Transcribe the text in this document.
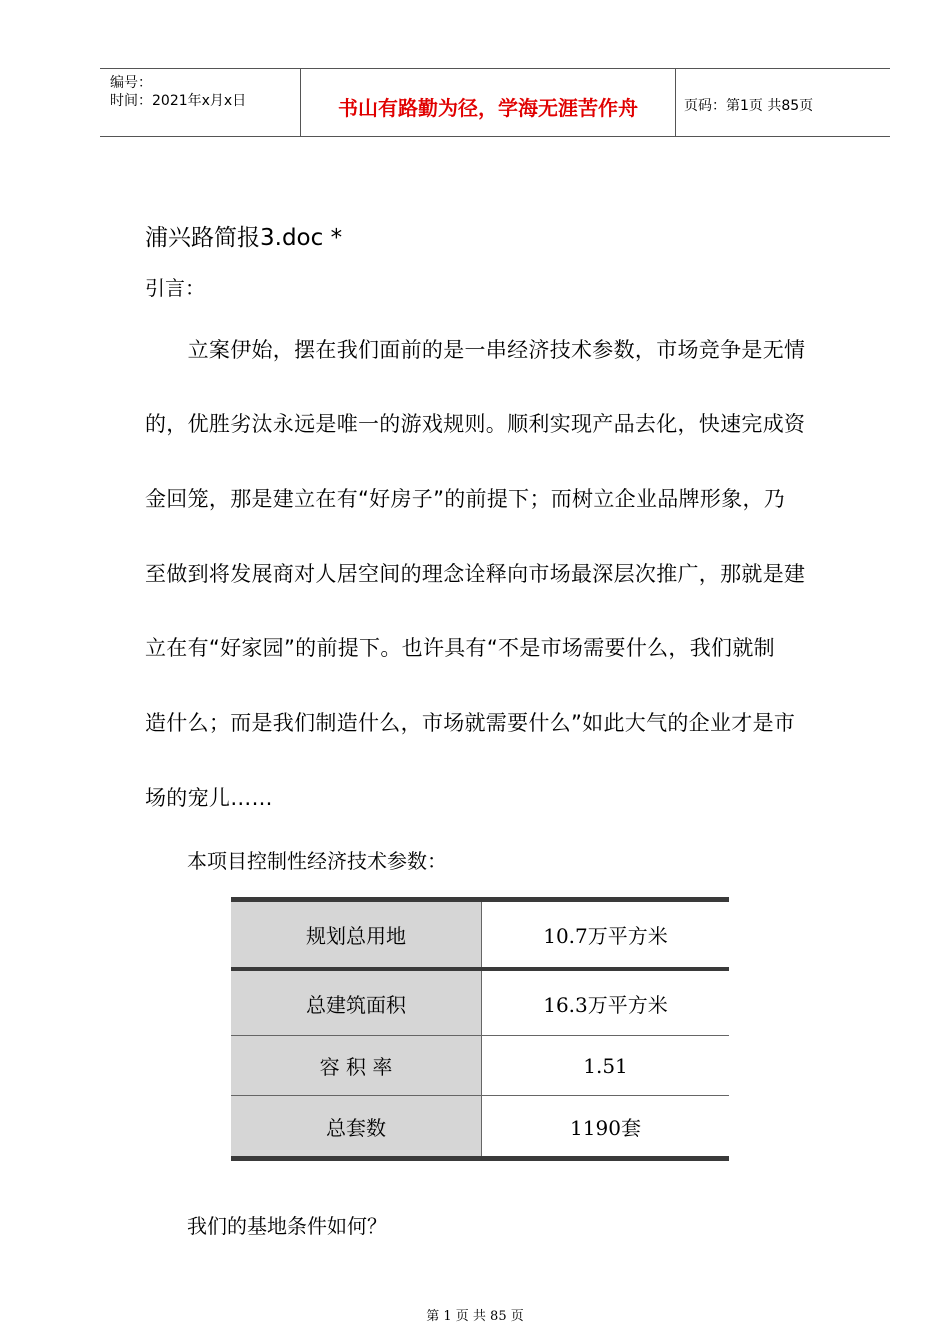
编号：
时间：2021年x月x日	书山有路勤为径，学海无涯苦作舟	页码：第1页 共85页
浦兴路简报3.doc *
引言：
　　立案伊始，摆在我们面前的是一串经济技术参数，市场竞争是无情
的，优胜劣汰永远是唯一的游戏规则。顺利实现产品去化，快速完成资
金回笼，那是建立在有“好房子”的前提下；而树立企业品牌形象，乃
至做到将发展商对人居空间的理念诠释向市场最深层次推广，那就是建
立在有“好家园”的前提下。也许具有“不是市场需要什么，我们就制
造什么；而是我们制造什么，市场就需要什么”如此大气的企业才是市
场的宠儿……
本项目控制性经济技术参数：
规划总用地	10.7万平方米
总建筑面积	16.3万平方米
容 积 率	1.51
总套数	1190套
我们的基地条件如何？
第 1 页 共 85 页
